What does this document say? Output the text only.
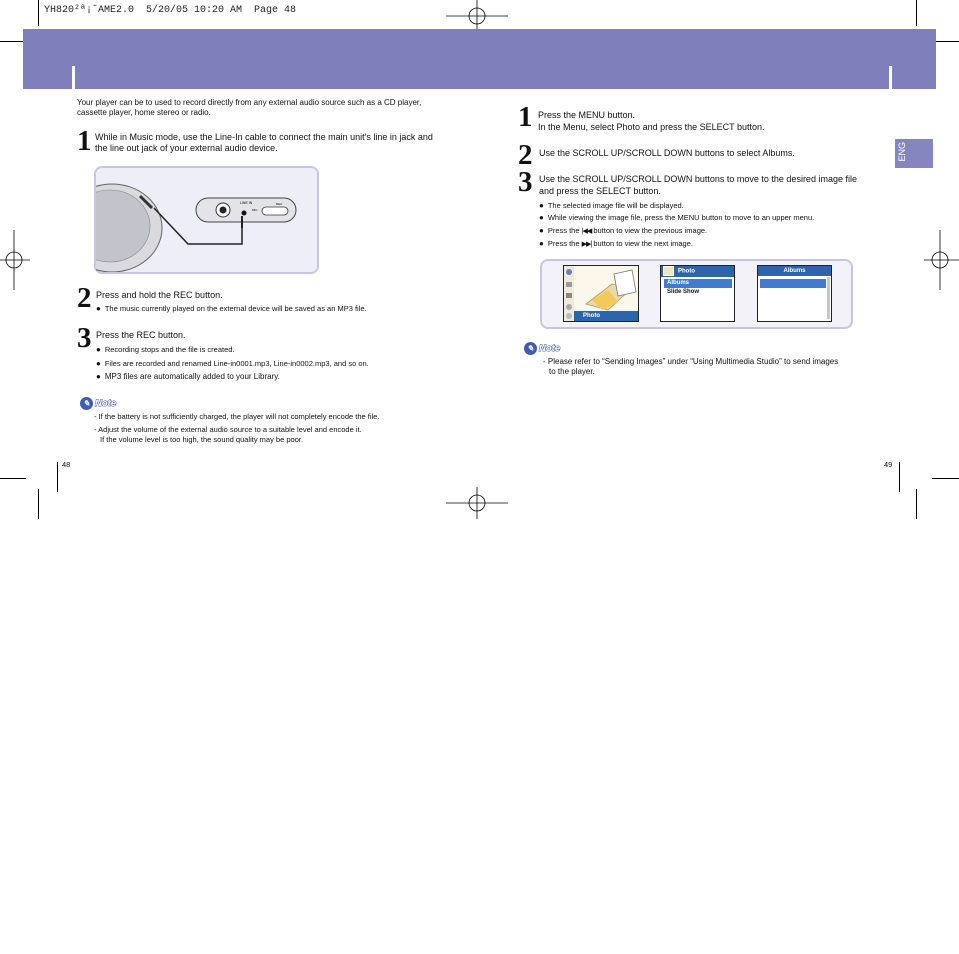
YH820²ª¡ˆAME2.0  5/20/05 10:20 AM  Page 48
ENG
Your player can be to used to record directly from any external audio source such as a CD player, cassette player, home stereo or radio.
1 While in Music mode, use the Line-In cable to connect the main unit's line in jack and the line out jack of your external audio device.
LINE IN
MIC
REC
2 Press and hold the REC button.
● The music currently played on the external device will be saved as an MP3 file.
3 Press the REC button.
● Recording stops and the file is created.
● Files are recorded and renamed Line-in0001.mp3, Line-in0002.mp3, and so on.
● MP3 files are automatically added to your Library.
✎ Note
- If the battery is not sufficiently charged, the player will not completely encode the file.
- Adjust the volume of the external audio source to a suitable level and encode it.
If the volume level is too high, the sound quality may be poor.
48
1 Press the MENU button.
In the Menu, select Photo and press the SELECT button.
2 Use the SCROLL UP/SCROLL DOWN buttons to select Albums.
3 Use the SCROLL UP/SCROLL DOWN buttons to move to the desired image file
and press the SELECT button.
● The selected image file will be displayed.
● While viewing the image file, press the MENU button to move to an upper menu.
● Press the |◀◀ button to view the previous image.
● Press the ▶▶| button to view the next image.
Photo
Photo
Albums
Slide Show
Albums
✎ Note
- Please refer to “Sending Images” under “Using Multimedia Studio” to send images
to the player.
49
